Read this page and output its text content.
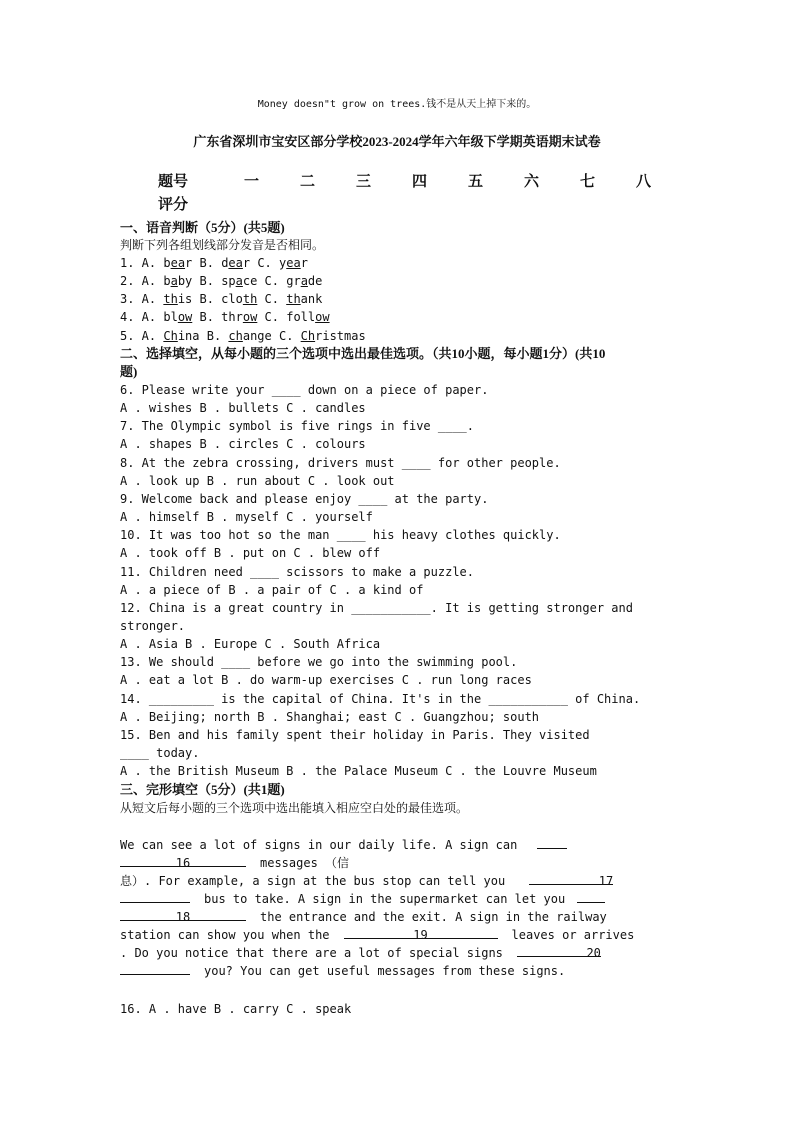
Money doesn"t grow on trees.钱不是从天上掉下来的。
广东省深圳市宝安区部分学校2023-2024学年六年级下学期英语期末试卷
题号	一	二	三	四	五	六	七	八
评分
一、语音判断（5分）(共5题)
判断下列各组划线部分发音是否相同。
1. A. bear B. dear C. year
2. A. baby B. space C. grade
3. A. this B. cloth C. thank
4. A. blow B. throw C. follow
5. A. China B. change C. Christmas
二、选择填空，从每小题的三个选项中选出最佳选项。（共10小题，每小题1分）(共10
题)
6. Please write your ____ down on a piece of paper.
A . wishes B . bullets C . candles
7. The Olympic symbol is five rings in five ____.
A . shapes B . circles C . colours
8. At the zebra crossing, drivers must ____ for other people.
A . look up B . run about C . look out
9. Welcome back and please enjoy ____ at the party.
A . himself B . myself C . yourself
10. It was too hot so the man ____ his heavy clothes quickly.
A . took off B . put on C . blew off
11. Children need ____ scissors to make a puzzle.
A . a piece of B . a pair of C . a kind of
12. China is a great country in ___________. It is getting stronger and
stronger.
A . Asia B . Europe C . South Africa
13. We should ____ before we go into the swimming pool.
A . eat a lot B . do warm-up exercises C . run long races
14. _________ is the capital of China. It's in the ___________ of China.
A . Beijing; north B . Shanghai; east C . Guangzhou; south
15. Ben and his family spent their holiday in Paris. They visited
____ today.
A . the British Museum B . the Palace Museum C . the Louvre Museum
三、完形填空（5分）(共1题)
从短文后每小题的三个选项中选出能填入相应空白处的最佳选项。
We can see a lot of signs in our daily life. A sign can
16	messages （信
息）. For example, a sign at the bus stop can tell you	17
bus to take. A sign in the supermarket can let you
18	the entrance and the exit. A sign in the railway
station can show you when the	19	leaves or arrives
. Do you notice that there are a lot of special signs	20
you? You can get useful messages from these signs.
16. A . have B . carry C . speak
